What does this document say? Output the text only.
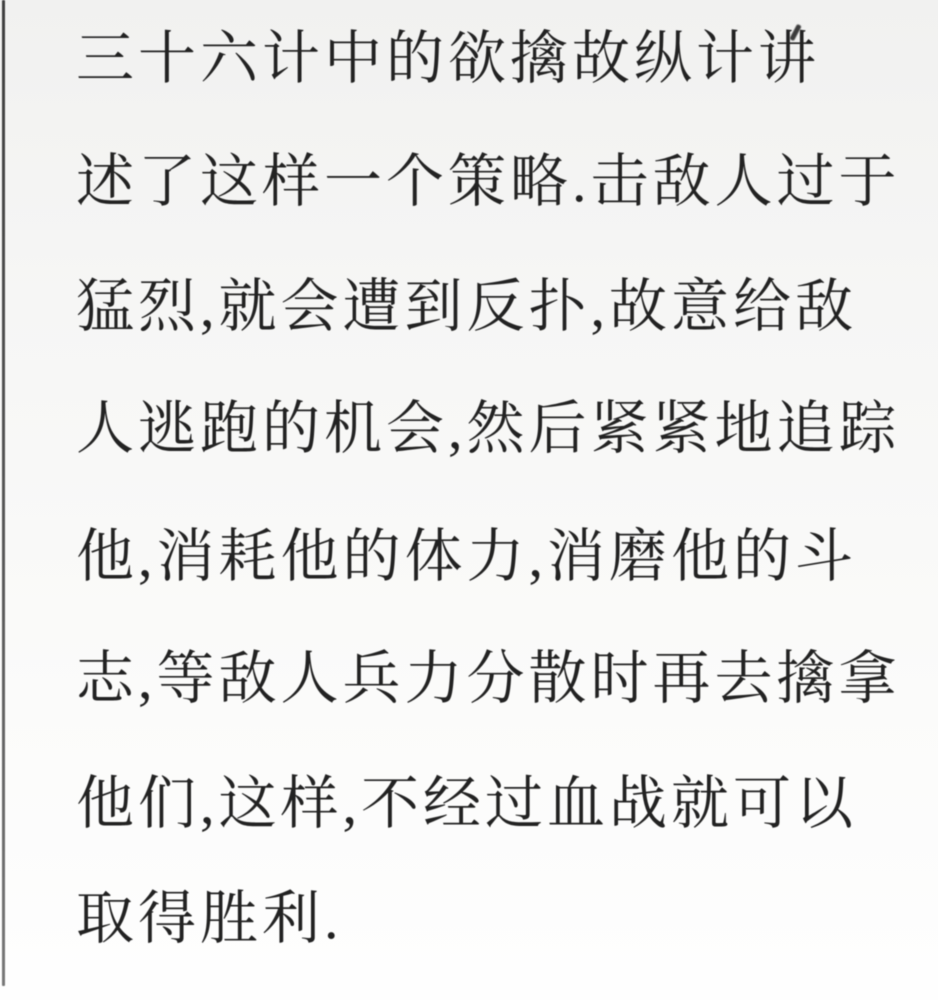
三十六计中的欲擒故纵计讲
述了这样一个策略.击敌人过于
猛烈,就会遭到反扑,故意给敌
人逃跑的机会,然后紧紧地追踪
他,消耗他的体力,消磨他的斗
志,等敌人兵力分散时再去擒拿
他们,这样,不经过血战就可以
取得胜利.
